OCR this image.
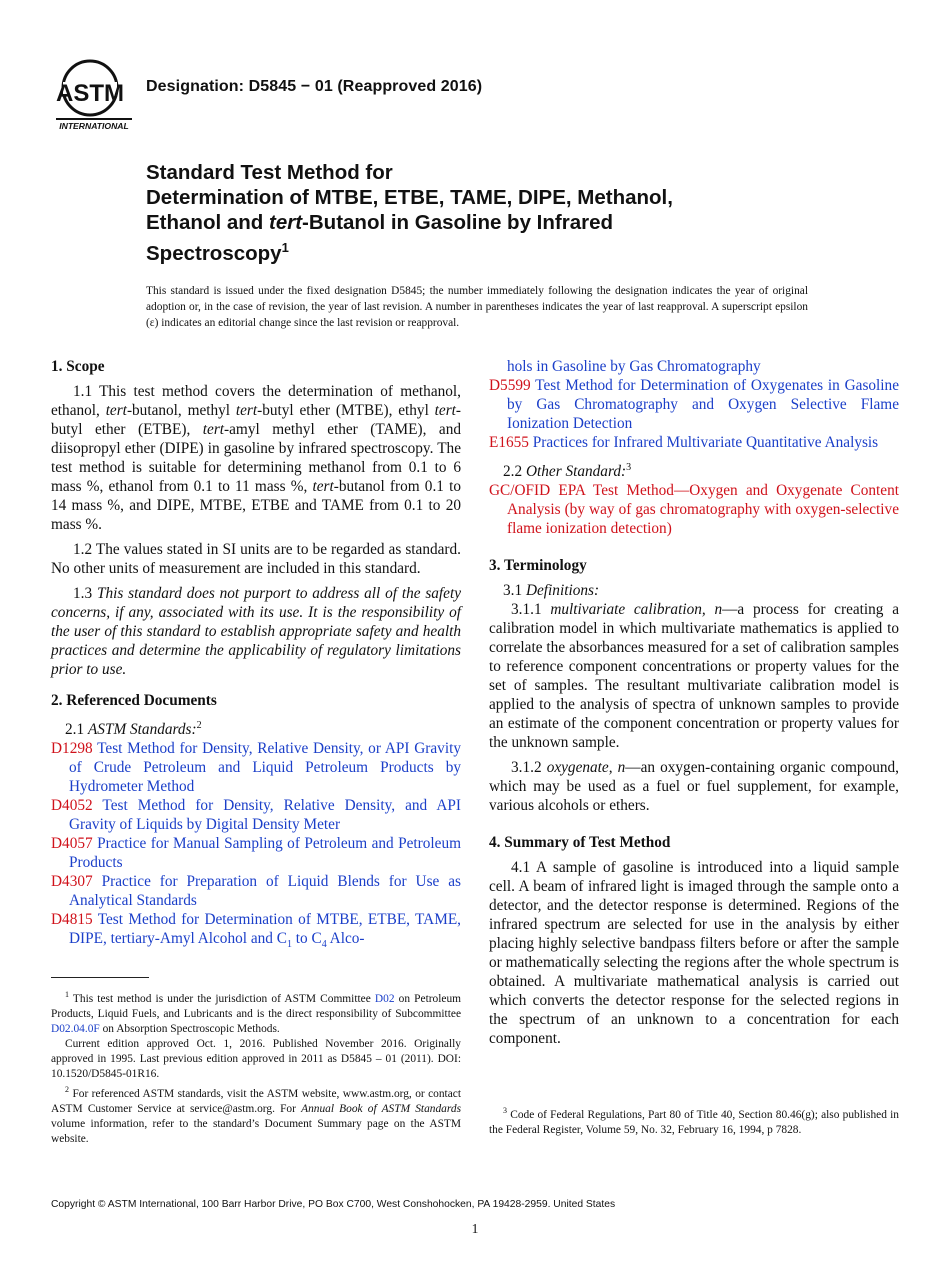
ASTM
INTERNATIONAL
Designation: D5845 − 01 (Reapproved 2016)
Standard Test Method for
Determination of MTBE, ETBE, TAME, DIPE, Methanol,
Ethanol and tert-Butanol in Gasoline by Infrared
Spectroscopy$^1$
This standard is issued under the fixed designation D5845; the number immediately following the designation indicates the year of original adoption or, in the case of revision, the year of last revision. A number in parentheses indicates the year of last reapproval. A superscript epsilon (ε) indicates an editorial change since the last revision or reapproval.
1. Scope

1.1 This test method covers the determination of methanol, ethanol, tert-butanol, methyl tert-butyl ether (MTBE), ethyl tert-butyl ether (ETBE), tert-amyl methyl ether (TAME), and diisopropyl ether (DIPE) in gasoline by infrared spectroscopy. The test method is suitable for determining methanol from 0.1 to 6 mass %, ethanol from 0.1 to 11 mass %, tert-butanol from 0.1 to 14 mass %, and DIPE, MTBE, ETBE and TAME from 0.1 to 20 mass %.

1.2 The values stated in SI units are to be regarded as standard. No other units of measurement are included in this standard.

1.3 This standard does not purport to address all of the safety concerns, if any, associated with its use. It is the responsibility of the user of this standard to establish appropriate safety and health practices and determine the applicability of regulatory limitations prior to use.

2. Referenced Documents

2.1 ASTM Standards:$^2$

D1298 Test Method for Density, Relative Density, or API Gravity of Crude Petroleum and Liquid Petroleum Products by Hydrometer Method

D4052 Test Method for Density, Relative Density, and API Gravity of Liquids by Digital Density Meter

D4057 Practice for Manual Sampling of Petroleum and Petroleum Products

D4307 Practice for Preparation of Liquid Blends for Use as Analytical Standards

D4815 Test Method for Determination of MTBE, ETBE, TAME, DIPE, tertiary-Amyl Alcohol and $C_1$ to $C_4$ Alco-

hols in Gasoline by Gas Chromatography

D5599 Test Method for Determination of Oxygenates in Gasoline by Gas Chromatography and Oxygen Selective Flame Ionization Detection

E1655 Practices for Infrared Multivariate Quantitative Analysis

2.2 Other Standard:$^3$

GC/OFID EPA Test Method—Oxygen and Oxygenate Content Analysis (by way of gas chromatography with oxygen-selective flame ionization detection)

3. Terminology

3.1 Definitions:

3.1.1 multivariate calibration, n—a process for creating a calibration model in which multivariate mathematics is applied to correlate the absorbances measured for a set of calibration samples to reference component concentrations or property values for the set of samples. The resultant multivariate calibration model is applied to the analysis of spectra of unknown samples to provide an estimate of the component concentration or property values for the unknown sample.

3.1.2 oxygenate, n—an oxygen-containing organic compound, which may be used as a fuel or fuel supplement, for example, various alcohols or ethers.

4. Summary of Test Method

4.1 A sample of gasoline is introduced into a liquid sample cell. A beam of infrared light is imaged through the sample onto a detector, and the detector response is determined. Regions of the infrared spectrum are selected for use in the analysis by either placing highly selective bandpass filters before or after the sample or mathematically selecting the regions after the whole spectrum is obtained. A multivariate mathematical analysis is carried out which converts the detector response for the selected regions in the spectrum of an unknown to a concentration for each component.

$^1$ This test method is under the jurisdiction of ASTM Committee D02 on Petroleum Products, Liquid Fuels, and Lubricants and is the direct responsibility of Subcommittee D02.04.0F on Absorption Spectroscopic Methods.

Current edition approved Oct. 1, 2016. Published November 2016. Originally approved in 1995. Last previous edition approved in 2011 as D5845 – 01 (2011). DOI: 10.1520/D5845-01R16.

$^2$ For referenced ASTM standards, visit the ASTM website, www.astm.org, or contact ASTM Customer Service at service@astm.org. For Annual Book of ASTM Standards volume information, refer to the standard’s Document Summary page on the ASTM website.

$^3$ Code of Federal Regulations, Part 80 of Title 40, Section 80.46(g); also published in the Federal Register, Volume 59, No. 32, February 16, 1994, p 7828.

Copyright © ASTM International, 100 Barr Harbor Drive, PO Box C700, West Conshohocken, PA 19428-2959. United States
1
